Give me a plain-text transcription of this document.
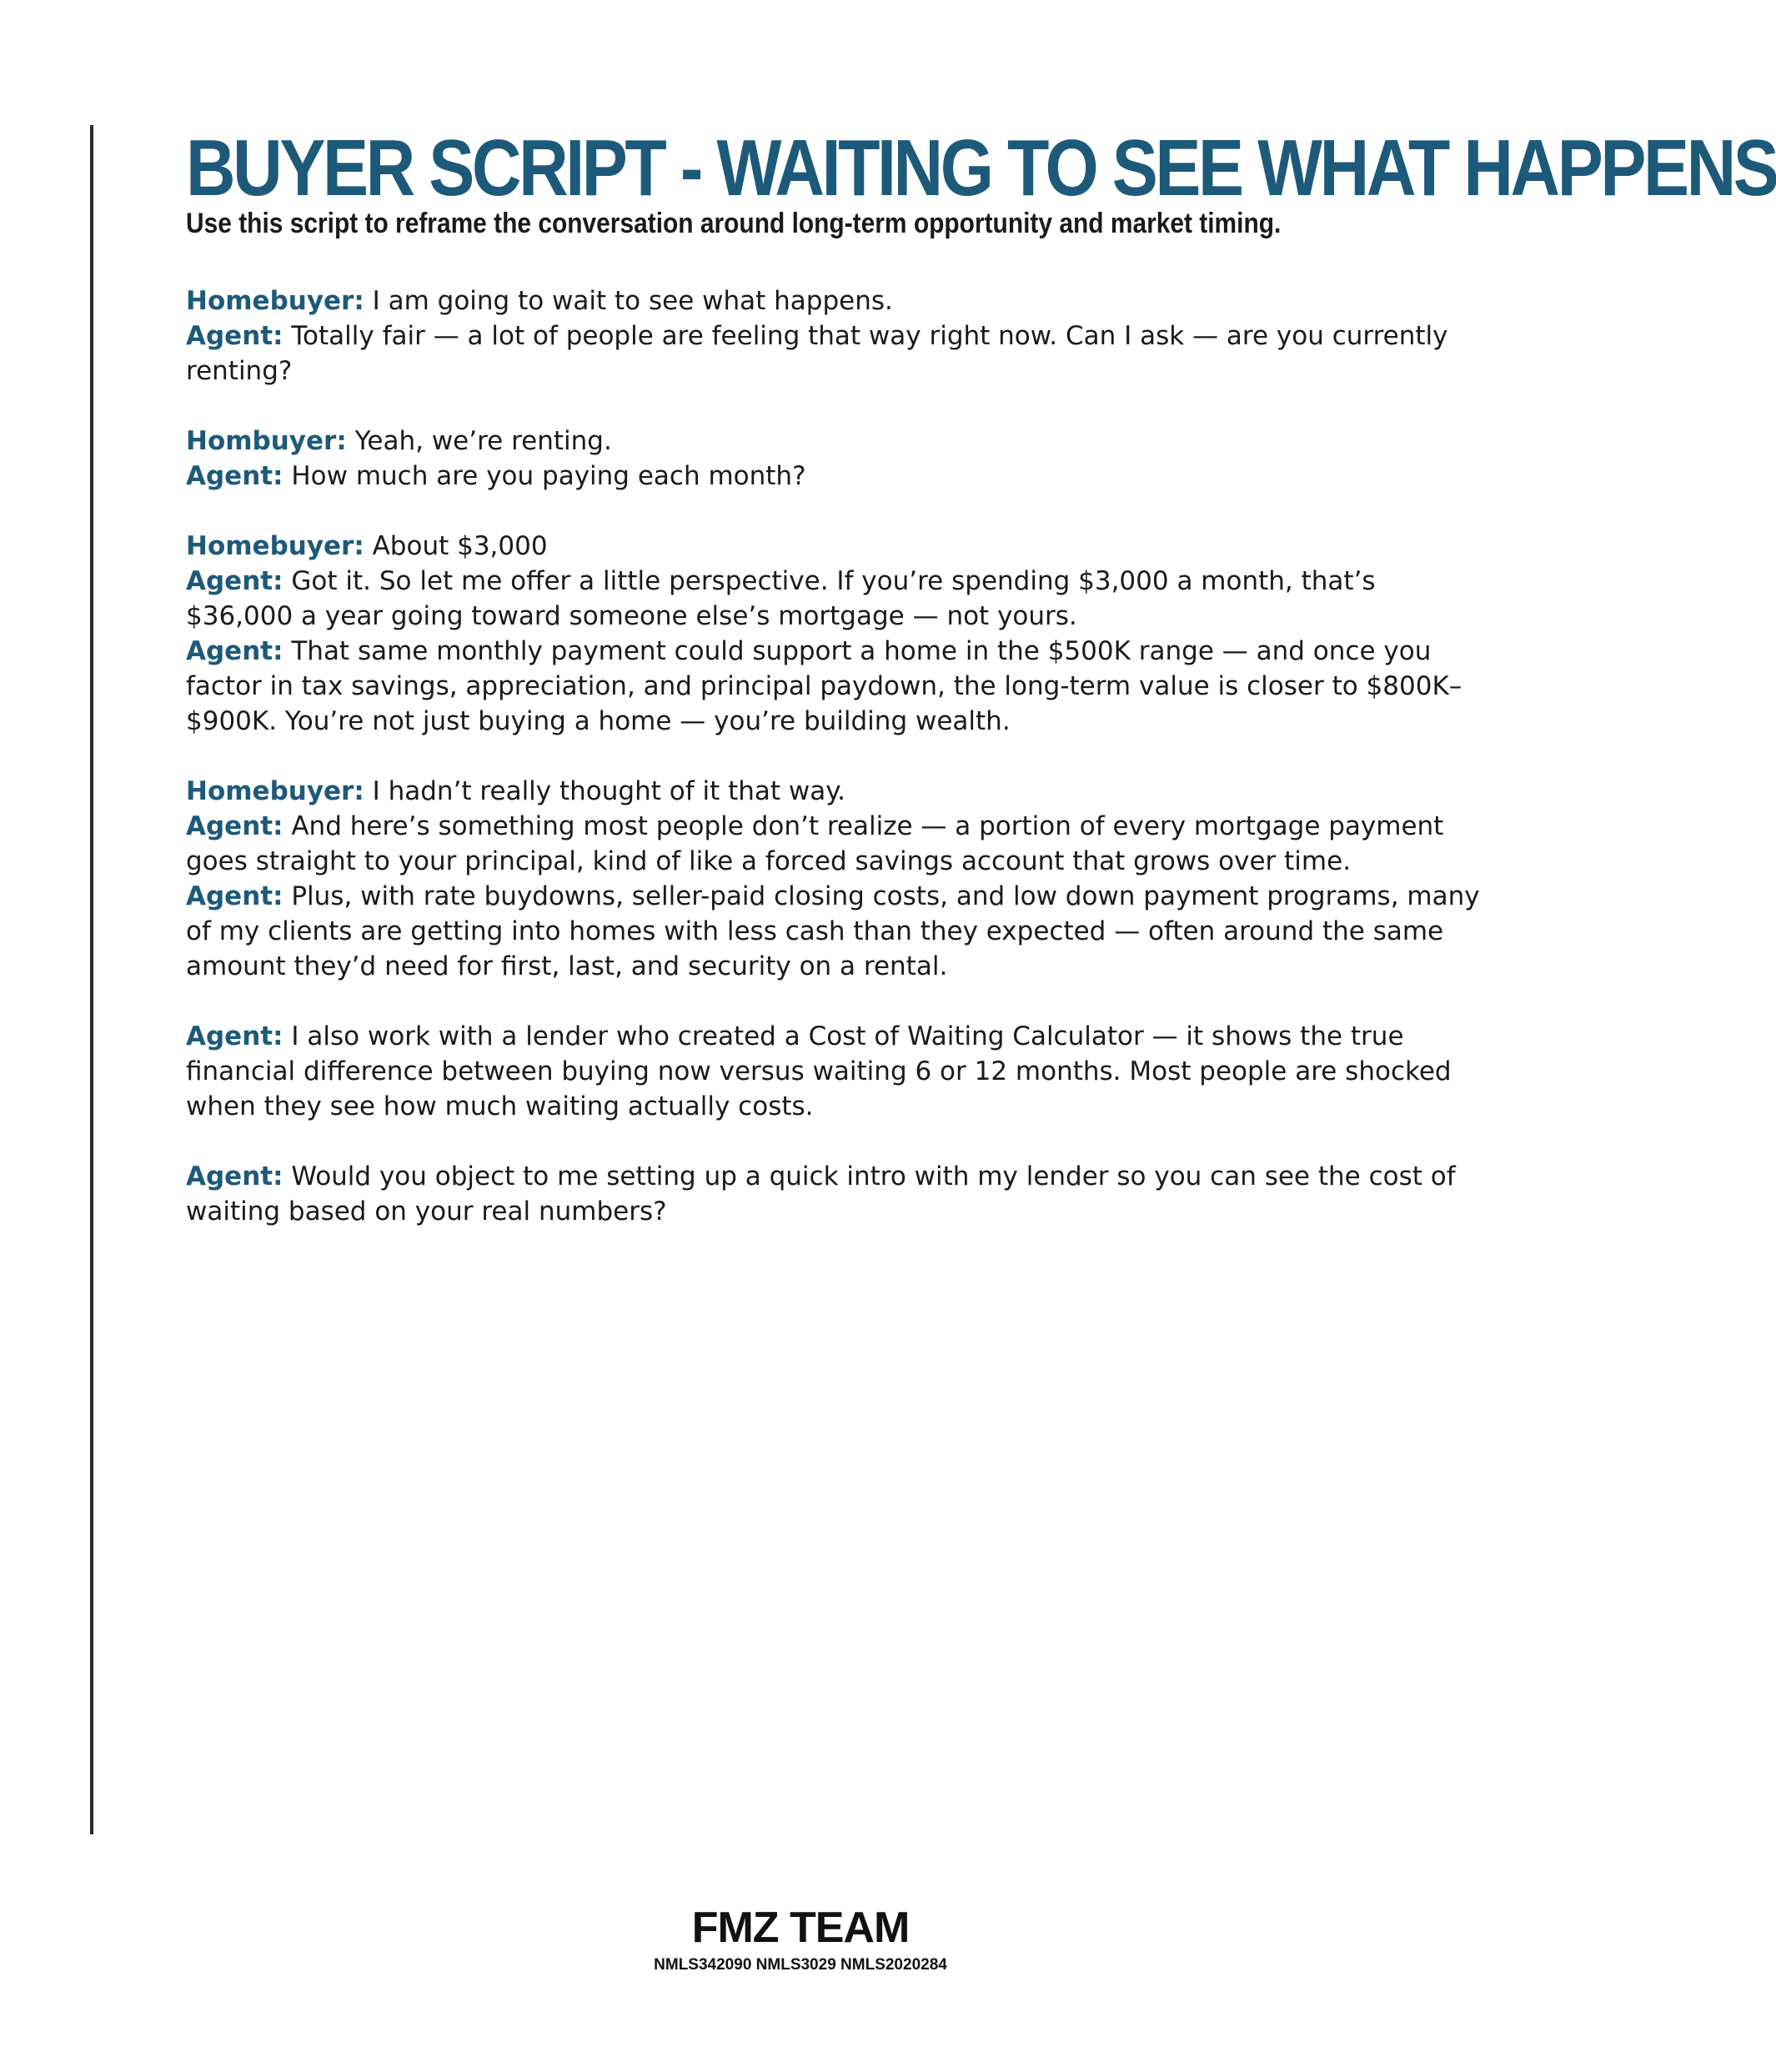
BUYER SCRIPT - WAITING TO SEE WHAT HAPPENS

Use this script to reframe the conversation around long-term opportunity and market timing.

Homebuyer: I am going to wait to see what happens.

Agent: Totally fair — a lot of people are feeling that way right now. Can I ask — are you currently renting?

Hombuyer: Yeah, we’re renting.

Agent: How much are you paying each month?

Homebuyer: About $3,000

Agent: Got it. So let me offer a little perspective. If you’re spending $3,000 a month, that’s $36,000 a year going toward someone else’s mortgage — not yours.

Agent: That same monthly payment could support a home in the $500K range — and once you factor in tax savings, appreciation, and principal paydown, the long-term value is closer to $800K–$900K. You’re not just buying a home — you’re building wealth.

Homebuyer: I hadn’t really thought of it that way.

Agent: And here’s something most people don’t realize — a portion of every mortgage payment goes straight to your principal, kind of like a forced savings account that grows over time.

Agent: Plus, with rate buydowns, seller-paid closing costs, and low down payment programs, many of my clients are getting into homes with less cash than they expected — often around the same amount they’d need for first, last, and security on a rental.

Agent: I also work with a lender who created a Cost of Waiting Calculator — it shows the true financial difference between buying now versus waiting 6 or 12 months. Most people are shocked when they see how much waiting actually costs.

Agent: Would you object to me setting up a quick intro with my lender so you can see the cost of waiting based on your real numbers?

FMZ TEAM
NMLS342090 NMLS3029 NMLS2020284
